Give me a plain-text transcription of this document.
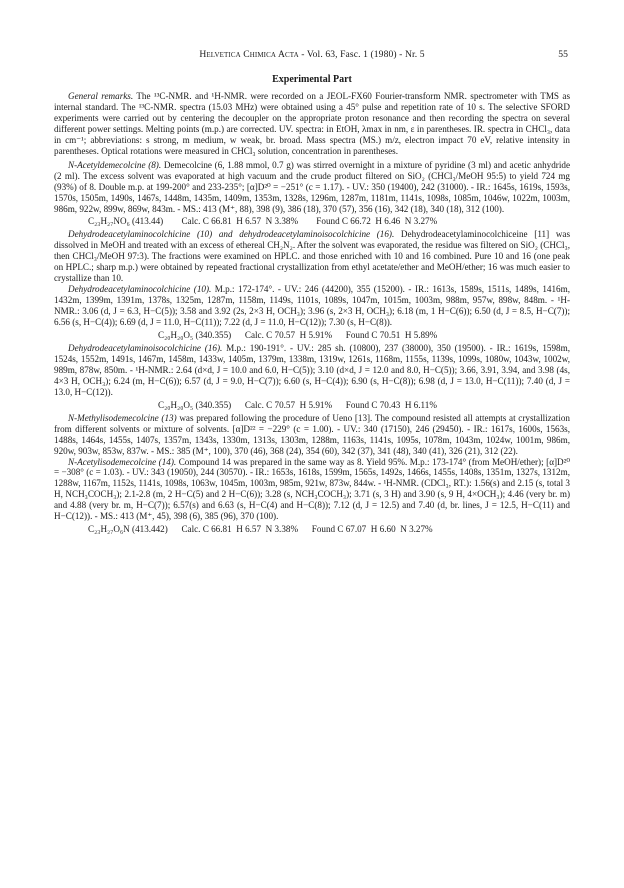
Helvetica Chimica Acta - Vol. 63, Fasc. 1 (1980) - Nr. 5	55
Experimental Part

General remarks. The ¹³C-NMR. and ¹H-NMR. were recorded on a JEOL-FX60 Fourier-transform NMR. spectrometer with TMS as internal standard. The ¹³C-NMR. spectra (15.03 MHz) were obtained using a 45° pulse and repetition rate of 10 s. The selective SFORD experiments were carried out by centering the decoupler on the appropriate proton resonance and then recording the spectra on several different power settings. Melting points (m.p.) are corrected. UV. spectra: in EtOH, λmax in nm, ε in parentheses. IR. spectra in CHCl₃, data in cm⁻¹; abbreviations: s strong, m medium, w weak, br. broad. Mass spectra (MS.) m/z, electron impact 70 eV, relative intensity in parentheses. Optical rotations were measured in CHCl₃ solution, concentration in parentheses.

N-Acetyldemecolcine (8). Demecolcine (6, 1.88 mmol, 0.7 g) was stirred overnight in a mixture of pyridine (3 ml) and acetic anhydride (2 ml). The excess solvent was evaporated at high vacuum and the crude product filtered on SiO₂ (CHCl₃/MeOH 95:5) to yield 724 mg (93%) of 8. Double m.p. at 199-200° and 233-235°; [α]D²⁰ = −251° (c = 1.17). - UV.: 350 (19400), 242 (31000). - IR.: 1645s, 1619s, 1593s, 1570s, 1505m, 1490s, 1467s, 1448m, 1435m, 1409m, 1353m, 1328s, 1296m, 1287m, 1181m, 1141s, 1098s, 1085m, 1046w, 1022m, 1003m, 986m, 922w, 899w, 869w, 843m. - MS.: 413 (M⁺, 88), 398 (9), 386 (18), 370 (57), 356 (16), 342 (18), 340 (18), 312 (100).

C₂₃H₂₇NO₆ (413.44)        Calc. C 66.81  H 6.57  N 3.38%        Found C 66.72  H 6.46  N 3.27%

Dehydrodeacetylaminocolchicine (10) and dehydrodeacetylaminoisocolchicine (16). Dehydrodeacetylaminocolchiceine [11] was dissolved in MeOH and treated with an excess of ethereal CH₂N₂. After the solvent was evaporated, the residue was filtered on SiO₂ (CHCl₃, then CHCl₃/MeOH 97:3). The fractions were examined on HPLC. and those enriched with 10 and 16 combined. Pure 10 and 16 (one peak on HPLC.; sharp m.p.) were obtained by repeated fractional crystallization from ethyl acetate/ether and MeOH/ether; 16 was much easier to crystallize than 10.

Dehydrodeacetylaminocolchicine (10). M.p.: 172-174°. - UV.: 246 (44200), 355 (15200). - IR.: 1613s, 1589s, 1511s, 1489s, 1416m, 1432m, 1399m, 1391m, 1378s, 1325m, 1287m, 1158m, 1149s, 1101s, 1089s, 1047m, 1015m, 1003m, 988m, 957w, 898w, 848m. - ¹H-NMR.: 3.06 (d, J = 6.3, H−C(5)); 3.58 and 3.92 (2s, 2×3 H, OCH₃); 3.96 (s, 2×3 H, OCH₃); 6.18 (m, 1 H−C(6)); 6.50 (d, J = 8.5, H−C(7)); 6.56 (s, H−C(4)); 6.69 (d, J = 11.0, H−C(11)); 7.22 (d, J = 11.0, H−C(12)); 7.30 (s, H−C(8)).

C₂₀H₂₀O₅ (340.355)      Calc. C 70.57  H 5.91%      Found C 70.51  H 5.89%

Dehydrodeacetylaminoisocolchicine (16). M.p.: 190-191°. - UV.: 285 sh. (10800), 237 (38000), 350 (19500). - IR.: 1619s, 1598m, 1524s, 1552m, 1491s, 1467m, 1458m, 1433w, 1405m, 1379m, 1338m, 1319w, 1261s, 1168m, 1155s, 1139s, 1099s, 1080w, 1043w, 1002w, 989m, 878w, 850m. - ¹H-NMR.: 2.64 (d×d, J = 10.0 and 6.0, H−C(5)); 3.10 (d×d, J = 12.0 and 8.0, H−C(5)); 3.66, 3.91, 3.94, and 3.98 (4s, 4×3 H, OCH₃); 6.24 (m, H−C(6)); 6.57 (d, J = 9.0, H−C(7)); 6.60 (s, H−C(4)); 6.90 (s, H−C(8)); 6.98 (d, J = 13.0, H−C(11)); 7.40 (d, J = 13.0, H−C(12)).

C₂₀H₂₀O₅ (340.355)      Calc. C 70.57  H 5.91%      Found C 70.43  H 6.11%

N-Methylisodemecolcine (13) was prepared following the procedure of Ueno [13]. The compound resisted all attempts at crystallization from different solvents or mixture of solvents. [α]D²² = −229° (c = 1.00). - UV.: 340 (17150), 246 (29450). - IR.: 1617s, 1600s, 1563s, 1488s, 1464s, 1455s, 1407s, 1357m, 1343s, 1330m, 1313s, 1303m, 1288m, 1163s, 1141s, 1095s, 1078m, 1043m, 1024w, 1001m, 986m, 920w, 903w, 853w, 837w. - MS.: 385 (M⁺, 100), 370 (46), 368 (24), 354 (60), 342 (37), 341 (48), 340 (41), 326 (21), 312 (22).

N-Acetylisodemecolcine (14). Compound 14 was prepared in the same way as 8. Yield 95%. M.p.: 173-174° (from MeOH/ether); [α]D²⁰ = −308° (c = 1.03). - UV.: 343 (19050), 244 (30570). - IR.: 1653s, 1618s, 1599m, 1565s, 1492s, 1466s, 1455s, 1408s, 1351m, 1327s, 1312m, 1288w, 1167m, 1152s, 1141s, 1098s, 1063w, 1045m, 1003m, 985m, 921w, 873w, 844w. - ¹H-NMR. (CDCl₃, RT.): 1.56(s) and 2.15 (s, total 3 H, NCH₃COCH₃); 2.1-2.8 (m, 2 H−C(5) and 2 H−C(6)); 3.28 (s, NCH₃COCH₃); 3.71 (s, 3 H) and 3.90 (s, 9 H, 4×OCH₃); 4.46 (very br. m) and 4.88 (very br. m, H−C(7)); 6.57(s) and 6.63 (s, H−C(4) and H−C(8)); 7.12 (d, J = 12.5) and 7.40 (d, br. lines, J = 12.5, H−C(11) and H−C(12)). - MS.: 413 (M⁺, 45), 398 (6), 385 (96), 370 (100).

C₂₃H₂₇O₆N (413.442)      Calc. C 66.81  H 6.57  N 3.38%      Found C 67.07  H 6.60  N 3.27%
